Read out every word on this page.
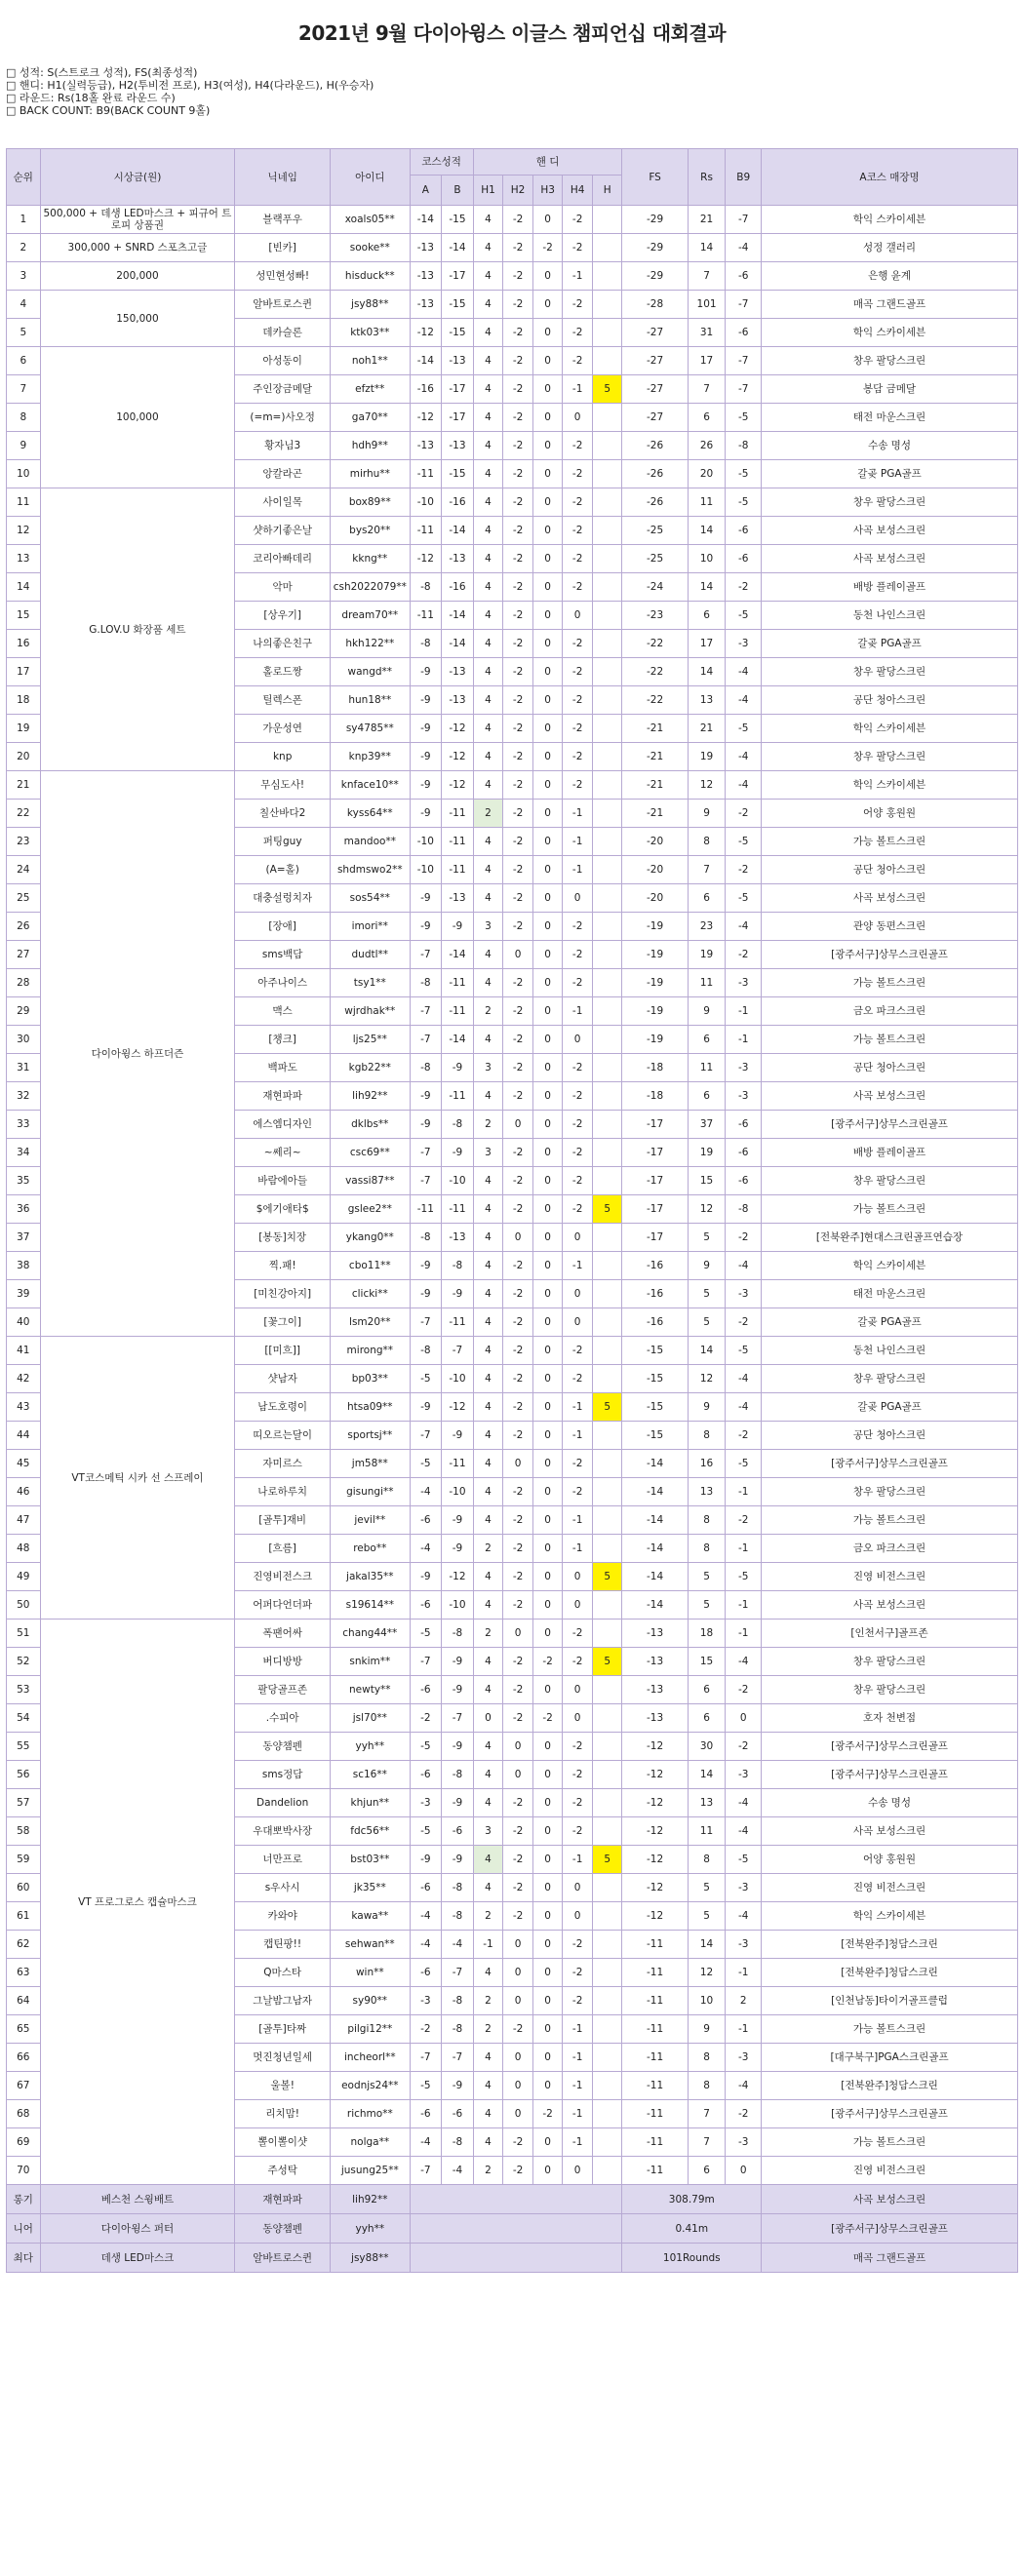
2021년 9월 다이아윙스 이글스 챔피언십 대회결과
□ 성적: S(스트로크 성적), FS(최종성적)
□ 핸디: H1(실력등급), H2(투비전 프로), H3(여성), H4(다라운드), H(우승자)
□ 라운드: Rs(18홀 완료 라운드 수)
□ BACK COUNT: B9(BACK COUNT 9홀)
순위	시상금(원)	닉네임	아이디	코스성적		핸 디					FS	Rs	B9	A코스 매장명
				A	B	H1	H2	H3	H4	H				
1	500,000 + 데생 LED마스크 + 피규어 트로피 상품권	블랙푸우	xoals05**	-14	-15	4	-2	0	-2		-29	21	-7	학익 스카이세븐
2	300,000 + SNRD 스포츠고글	[빈카]	sooke**	-13	-14	4	-2	-2	-2		-29	14	-4	성정 갤러리
3	200,000	성민현성빠!	hisduck**	-13	-17	4	-2	0	-1		-29	7	-6	은행 윤계
4	150,000	알바트로스퀸	jsy88**	-13	-15	4	-2	0	-2		-28	101	-7	매곡 그랜드골프
5		데카슬론	ktk03**	-12	-15	4	-2	0	-2		-27	31	-6	학익 스카이세븐
6	100,000	아성동이	noh1**	-14	-13	4	-2	0	-2		-27	17	-7	창우 팔당스크린
7		주인장금메달	efzt**	-16	-17	4	-2	0	-1	5	-27	7	-7	봉담 금메달
8		(=m=)사오정	ga70**	-12	-17	4	-2	0	0		-27	6	-5	태전 마운스크린
9		황자님3	hdh9**	-13	-13	4	-2	0	-2		-26	26	-8	수송 명성
10		앙칼라곤	mirhu**	-11	-15	4	-2	0	-2		-26	20	-5	갈곶 PGA골프
11	G.LOV.U 화장품 세트	사이일목	box89**	-10	-16	4	-2	0	-2		-26	11	-5	창우 팔당스크린
12		샷하기좋은날	bys20**	-11	-14	4	-2	0	-2		-25	14	-6	사곡 보성스크린
13		코리아빠데리	kkng**	-12	-13	4	-2	0	-2		-25	10	-6	사곡 보성스크린
14		악마	csh2022079**	-8	-16	4	-2	0	-2		-24	14	-2	배방 플레이골프
15		[상우기]	dream70**	-11	-14	4	-2	0	0		-23	6	-5	동천 나인스크린
16		나의좋은친구	hkh122**	-8	-14	4	-2	0	-2		-22	17	-3	갈곶 PGA골프
17		홀로드짱	wangd**	-9	-13	4	-2	0	-2		-22	14	-4	창우 팔당스크린
18		틸렉스폰	hun18**	-9	-13	4	-2	0	-2		-22	13	-4	공단 청아스크린
19		가운성연	sy4785**	-9	-12	4	-2	0	-2		-21	21	-5	학익 스카이세븐
20		knp	knp39**	-9	-12	4	-2	0	-2		-21	19	-4	창우 팔당스크린
21	다이아윙스 하프더즌	무심도사!	knface10**	-9	-12	4	-2	0	-2		-21	12	-4	학익 스카이세븐
22		칠산바다2	kyss64**	-9	-11	2	-2	0	-1		-21	9	-2	어양 홍원원
23		퍼팅guy	mandoo**	-10	-11	4	-2	0	-1		-20	8	-5	가능 볼트스크린
24		(A=홀)	shdmswo2**	-10	-11	4	-2	0	-1		-20	7	-2	공단 청아스크린
25		대충설렁치자	sos54**	-9	-13	4	-2	0	0		-20	6	-5	사곡 보성스크린
26		[장애]	imori**	-9	-9	3	-2	0	-2		-19	23	-4	관양 동편스크린
27		sms백담	dudtl**	-7	-14	4	0	0	-2		-19	19	-2	[광주서구]상무스크린골프
28		아주나이스	tsy1**	-8	-11	4	-2	0	-2		-19	11	-3	가능 볼트스크린
29		맥스	wjrdhak**	-7	-11	2	-2	0	-1		-19	9	-1	금오 파크스크린
30		[챙크]	ljs25**	-7	-14	4	-2	0	0		-19	6	-1	가능 볼트스크린
31		백파도	kgb22**	-8	-9	3	-2	0	-2		-18	11	-3	공단 청아스크린
32		재현파파	lih92**	-9	-11	4	-2	0	-2		-18	6	-3	사곡 보성스크린
33		에스엠디자인	dklbs**	-9	-8	2	0	0	-2		-17	37	-6	[광주서구]상무스크린골프
34		~쎄리~	csc69**	-7	-9	3	-2	0	-2		-17	19	-6	배방 플레이골프
35		바람에아들	vassi87**	-7	-10	4	-2	0	-2		-17	15	-6	창우 팔당스크린
36		$에기애타$	gslee2**	-11	-11	4	-2	0	-2	5	-17	12	-8	가능 볼트스크린
37		[봉동]치장	ykang0**	-8	-13	4	0	0	0		-17	5	-2	[전북완주]현대스크린골프연습장
38		찍.패!	cbo11**	-9	-8	4	-2	0	-1		-16	9	-4	학익 스카이세븐
39		[미친강아지]	clicki**	-9	-9	4	-2	0	0		-16	5	-3	태전 마운스크린
40		[꽃그이]	lsm20**	-7	-11	4	-2	0	0		-16	5	-2	갈곶 PGA골프
41	VT코스메틱 시카 선 스프레이	[[미흐]]	mirong**	-8	-7	4	-2	0	-2		-15	14	-5	동천 나인스크린
42		샷남자	bp03**	-5	-10	4	-2	0	-2		-15	12	-4	창우 팔당스크린
43		남도호령이	htsa09**	-9	-12	4	-2	0	-1	5	-15	9	-4	갈곶 PGA골프
44		띠오르는달이	sportsj**	-7	-9	4	-2	0	-1		-15	8	-2	공단 청아스크린
45		자미르스	jm58**	-5	-11	4	0	0	-2		-14	16	-5	[광주서구]상무스크린골프
46		나로하루치	gisungi**	-4	-10	4	-2	0	-2		-14	13	-1	창우 팔당스크린
47		[골투]재비	jevil**	-6	-9	4	-2	0	-1		-14	8	-2	가능 볼트스크린
48		[흐름]	rebo**	-4	-9	2	-2	0	-1		-14	8	-1	금오 파크스크린
49		진영비전스크	jakal35**	-9	-12	4	-2	0	0	5	-14	5	-5	진영 비전스크린
50		어퍼다언더파	s19614**	-6	-10	4	-2	0	0		-14	5	-1	사곡 보성스크린
51	VT 프로그로스 캡슐마스크	폭팬어싸	chang44**	-5	-8	2	0	0	-2		-13	18	-1	[인천서구]골프존
52		버디방방	snkim**	-7	-9	4	-2	-2	-2	5	-13	15	-4	창우 팔당스크린
53		팔당골프존	newty**	-6	-9	4	-2	0	0		-13	6	-2	창우 팔당스크린
54		.수피아	jsl70**	-2	-7	0	-2	-2	0		-13	6	0	호자 천변점
55		동양챔펜	yyh**	-5	-9	4	0	0	-2		-12	30	-2	[광주서구]상무스크린골프
56		sms정담	sc16**	-6	-8	4	0	0	-2		-12	14	-3	[광주서구]상무스크린골프
57		Dandelion	khjun**	-3	-9	4	-2	0	-2		-12	13	-4	수송 명성
58		우대뽀박사장	fdc56**	-5	-6	3	-2	0	-2		-12	11	-4	사곡 보성스크린
59		너만프로	bst03**	-9	-9	4	-2	0	-1	5	-12	8	-5	어양 홍원원
60		s우사시	jk35**	-6	-8	4	-2	0	0		-12	5	-3	진영 비전스크린
61		카와야	kawa**	-4	-8	2	-2	0	0		-12	5	-4	학익 스카이세븐
62		캡틴팡!!	sehwan**	-4	-4	-1	0	0	-2		-11	14	-3	[전북완주]청담스크린
63		Q마스타	win**	-6	-7	4	0	0	-2		-11	12	-1	[전북완주]청담스크린
64		그날밤그남자	sy90**	-3	-8	2	0	0	-2		-11	10	2	[인천남동]타이거골프클럽
65		[골투]타짜	pilgi12**	-2	-8	2	-2	0	-1		-11	9	-1	가능 볼트스크린
66		멋진청년일세	incheorl**	-7	-7	4	0	0	-1		-11	8	-3	[대구북구]PGA스크린골프
67		울볼!	eodnjs24**	-5	-9	4	0	0	-1		-11	8	-4	[전북완주]청담스크린
68		리치맘!	richmo**	-6	-6	4	0	-2	-1		-11	7	-2	[광주서구]상무스크린골프
69		뽈이뽈이샷	nolga**	-4	-8	4	-2	0	-1		-11	7	-3	가능 볼트스크린
70		주성탁	jusung25**	-7	-4	2	-2	0	0		-11	6	0	진영 비전스크린
롱기	베스천 스윙배트	재현파파	lih92**								308.79m			사곡 보성스크린
니어	다이아윙스 퍼터	동양챔펜	yyh**								0.41m			[광주서구]상무스크린골프
최다	데생 LED마스크	알바트로스퀸	jsy88**								101Rounds			매곡 그랜드골프
